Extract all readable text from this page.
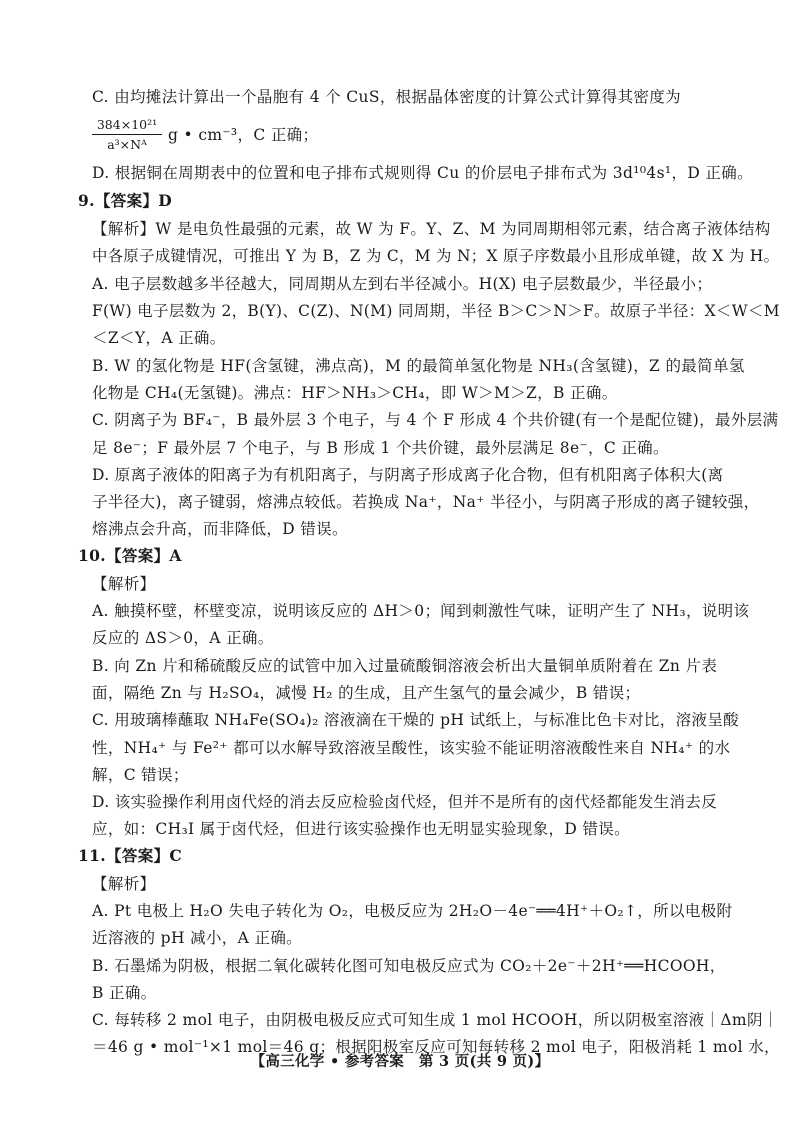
C. 由均摊法计算出一个晶胞有 4 个 CuS，根据晶体密度的计算公式计算得其密度为
$\frac{\text{384×10²¹}}{\text{a³×Nᴬ}}$ g • cm⁻³，C 正确；
D. 根据铜在周期表中的位置和电子排布式规则得 Cu 的价层电子排布式为 3d¹⁰4s¹，D 正确。
9.【答案】D
【解析】W 是电负性最强的元素，故 W 为 F。Y、Z、M 为同周期相邻元素，结合离子液体结构
中各原子成键情况，可推出 Y 为 B，Z 为 C，M 为 N；X 原子序数最小且形成单键，故 X 为 H。
A. 电子层数越多半径越大，同周期从左到右半径减小。H(X) 电子层数最少，半径最小；
F(W) 电子层数为 2，B(Y)、C(Z)、N(M) 同周期，半径 B＞C＞N＞F。故原子半径：X＜W＜M
＜Z＜Y，A 正确。
B. W 的氢化物是 HF(含氢键，沸点高)，M 的最简单氢化物是 NH₃(含氢键)，Z 的最简单氢
化物是 CH₄(无氢键)。沸点：HF＞NH₃＞CH₄，即 W＞M＞Z，B 正确。
C. 阴离子为 BF₄⁻，B 最外层 3 个电子，与 4 个 F 形成 4 个共价键(有一个是配位键)，最外层满
足 8e⁻；F 最外层 7 个电子，与 B 形成 1 个共价键，最外层满足 8e⁻，C 正确。
D. 原离子液体的阳离子为有机阳离子，与阴离子形成离子化合物，但有机阳离子体积大(离
子半径大)，离子键弱，熔沸点较低。若换成 Na⁺，Na⁺ 半径小，与阴离子形成的离子键较强，
熔沸点会升高，而非降低，D 错误。
10.【答案】A
【解析】
A. 触摸杯壁，杯壁变凉，说明该反应的 ΔH＞0；闻到刺激性气味，证明产生了 NH₃，说明该
反应的 ΔS＞0，A 正确。
B. 向 Zn 片和稀硫酸反应的试管中加入过量硫酸铜溶液会析出大量铜单质附着在 Zn 片表
面，隔绝 Zn 与 H₂SO₄，减慢 H₂ 的生成，且产生氢气的量会减少，B 错误；
C. 用玻璃棒蘸取 NH₄Fe(SO₄)₂ 溶液滴在干燥的 pH 试纸上，与标准比色卡对比，溶液呈酸
性，NH₄⁺ 与 Fe²⁺ 都可以水解导致溶液呈酸性，该实验不能证明溶液酸性来自 NH₄⁺ 的水
解，C 错误；
D. 该实验操作利用卤代烃的消去反应检验卤代烃，但并不是所有的卤代烃都能发生消去反
应，如：CH₃I 属于卤代烃，但进行该实验操作也无明显实验现象，D 错误。
11.【答案】C
【解析】
A. Pt 电极上 H₂O 失电子转化为 O₂，电极反应为 2H₂O－4e⁻══4H⁺＋O₂↑，所以电极附
近溶液的 pH 减小，A 正确。
B. 石墨烯为阴极，根据二氧化碳转化图可知电极反应式为 CO₂＋2e⁻＋2H⁺══HCOOH，
B 正确。
C. 每转移 2 mol 电子，由阴极电极反应式可知生成 1 mol HCOOH，所以阴极室溶液｜Δm阴｜
＝46 g • mol⁻¹×1 mol＝46 g；根据阳极室反应可知每转移 2 mol 电子，阳极消耗 1 mol 水，
【高三化学 • 参考答案　第 3 页(共 9 页)】
